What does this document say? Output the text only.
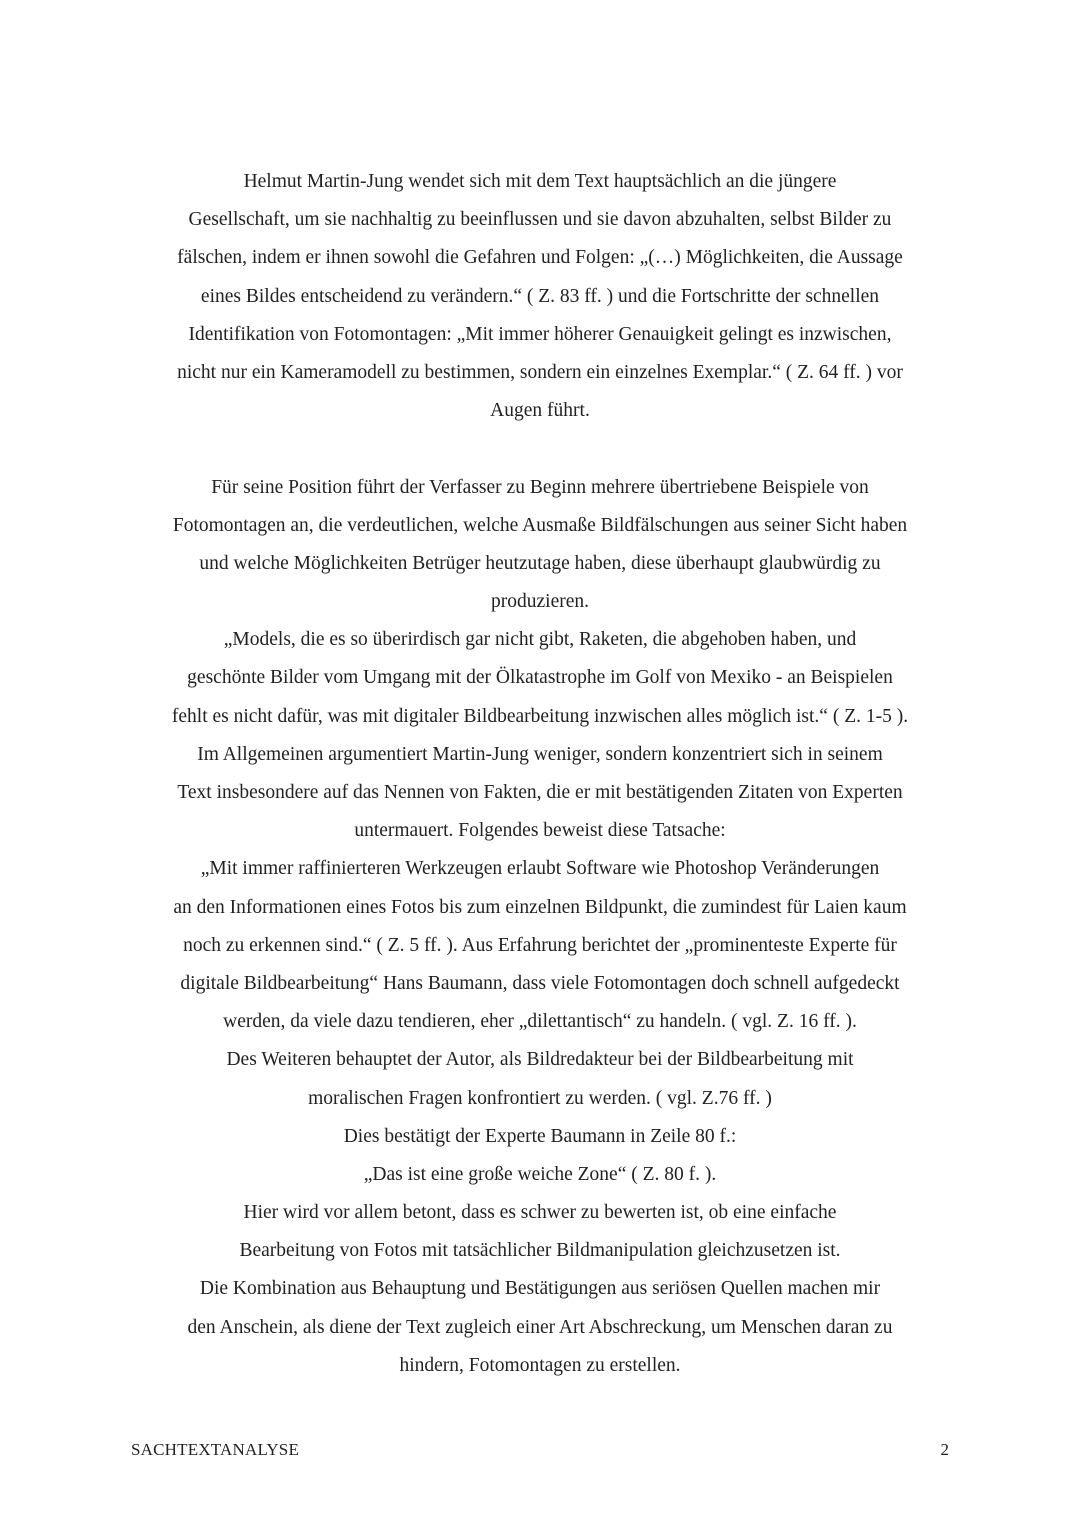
Helmut Martin-Jung wendet sich mit dem Text hauptsächlich an die jüngere
Gesellschaft, um sie nachhaltig zu beeinflussen und sie davon abzuhalten, selbst Bilder zu
fälschen, indem er ihnen sowohl die Gefahren und Folgen: „(…) Möglichkeiten, die Aussage
eines Bildes entscheidend zu verändern.“ ( Z. 83 ff. ) und die Fortschritte der schnellen
Identifikation von Fotomontagen: „Mit immer höherer Genauigkeit gelingt es inzwischen,
nicht nur ein Kameramodell zu bestimmen, sondern ein einzelnes Exemplar.“ ( Z. 64 ff. ) vor
Augen führt.
Für seine Position führt der Verfasser zu Beginn mehrere übertriebene Beispiele von
Fotomontagen an, die verdeutlichen, welche Ausmaße Bildfälschungen aus seiner Sicht haben
und welche Möglichkeiten Betrüger heutzutage haben, diese überhaupt glaubwürdig zu
produzieren.
„Models, die es so überirdisch gar nicht gibt, Raketen, die abgehoben haben, und
geschönte Bilder vom Umgang mit der Ölkatastrophe im Golf von Mexiko - an Beispielen
fehlt es nicht dafür, was mit digitaler Bildbearbeitung inzwischen alles möglich ist.“ ( Z. 1-5 ).
Im Allgemeinen argumentiert Martin-Jung weniger, sondern konzentriert sich in seinem
Text insbesondere auf das Nennen von Fakten, die er mit bestätigenden Zitaten von Experten
untermauert. Folgendes beweist diese Tatsache:
„Mit immer raffinierteren Werkzeugen erlaubt Software wie Photoshop Veränderungen
an den Informationen eines Fotos bis zum einzelnen Bildpunkt, die zumindest für Laien kaum
noch zu erkennen sind.“ ( Z. 5 ff. ). Aus Erfahrung berichtet der „prominenteste Experte für
digitale Bildbearbeitung“ Hans Baumann, dass viele Fotomontagen doch schnell aufgedeckt
werden, da viele dazu tendieren, eher „dilettantisch“ zu handeln. ( vgl. Z. 16 ff. ).
Des Weiteren behauptet der Autor, als Bildredakteur bei der Bildbearbeitung mit
moralischen Fragen konfrontiert zu werden. ( vgl. Z.76 ff. )
Dies bestätigt der Experte Baumann in Zeile 80 f.:
„Das ist eine große weiche Zone“ ( Z. 80 f. ).
Hier wird vor allem betont, dass es schwer zu bewerten ist, ob eine einfache
Bearbeitung von Fotos mit tatsächlicher Bildmanipulation gleichzusetzen ist.
Die Kombination aus Behauptung und Bestätigungen aus seriösen Quellen machen mir
den Anschein, als diene der Text zugleich einer Art Abschreckung, um Menschen daran zu
hindern, Fotomontagen zu erstellen.
SACHTEXTANALYSE	2
